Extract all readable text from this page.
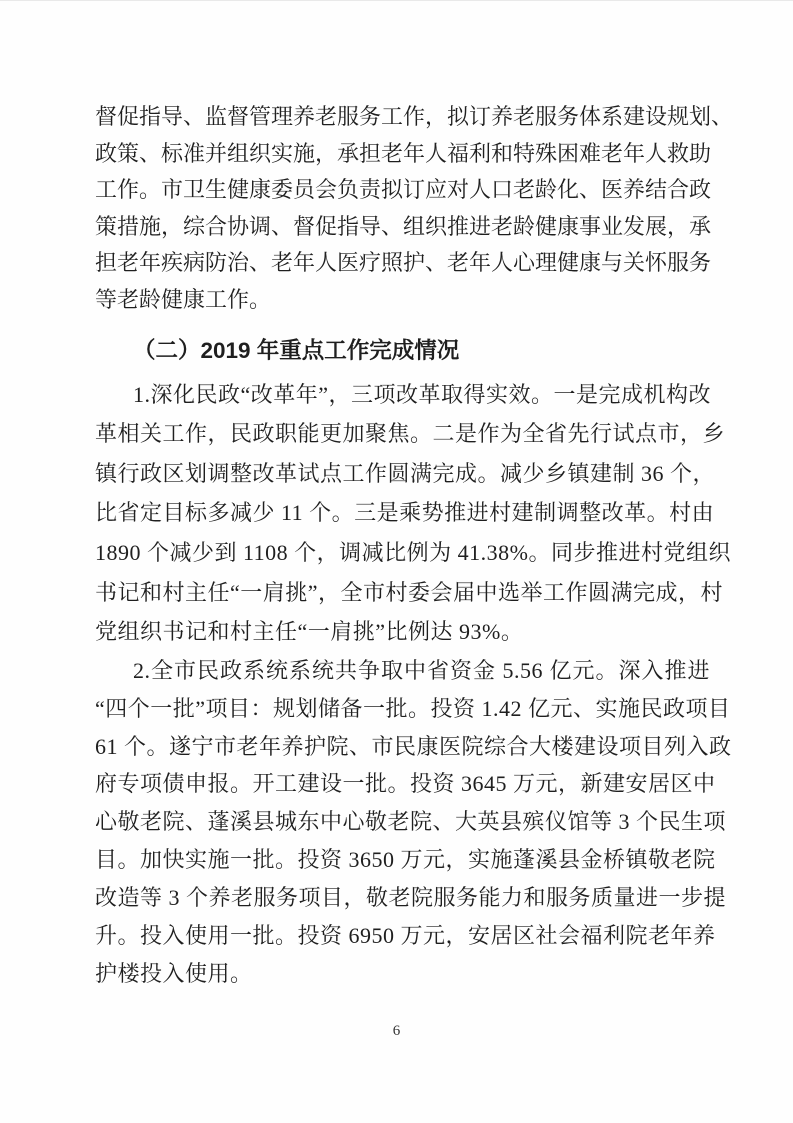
督促指导、监督管理养老服务工作，拟订养老服务体系建设规划、
政策、标准并组织实施，承担老年人福利和特殊困难老年人救助
工作。市卫生健康委员会负责拟订应对人口老龄化、医养结合政
策措施，综合协调、督促指导、组织推进老龄健康事业发展，承
担老年疾病防治、老年人医疗照护、老年人心理健康与关怀服务
等老龄健康工作。
（二）2019 年重点工作完成情况
1.深化民政“改革年”，三项改革取得实效。一是完成机构改
革相关工作，民政职能更加聚焦。二是作为全省先行试点市，乡
镇行政区划调整改革试点工作圆满完成。减少乡镇建制 36 个，
比省定目标多减少 11 个。三是乘势推进村建制调整改革。村由
1890 个减少到 1108 个，调减比例为 41.38%。同步推进村党组织
书记和村主任“一肩挑”，全市村委会届中选举工作圆满完成，村
党组织书记和村主任“一肩挑”比例达 93%。
2.全市民政系统系统共争取中省资金 5.56 亿元。深入推进
“四个一批”项目：规划储备一批。投资 1.42 亿元、实施民政项目
61 个。遂宁市老年养护院、市民康医院综合大楼建设项目列入政
府专项债申报。开工建设一批。投资 3645 万元，新建安居区中
心敬老院、蓬溪县城东中心敬老院、大英县殡仪馆等 3 个民生项
目。加快实施一批。投资 3650 万元，实施蓬溪县金桥镇敬老院
改造等 3 个养老服务项目，敬老院服务能力和服务质量进一步提
升。投入使用一批。投资 6950 万元，安居区社会福利院老年养
护楼投入使用。
6
